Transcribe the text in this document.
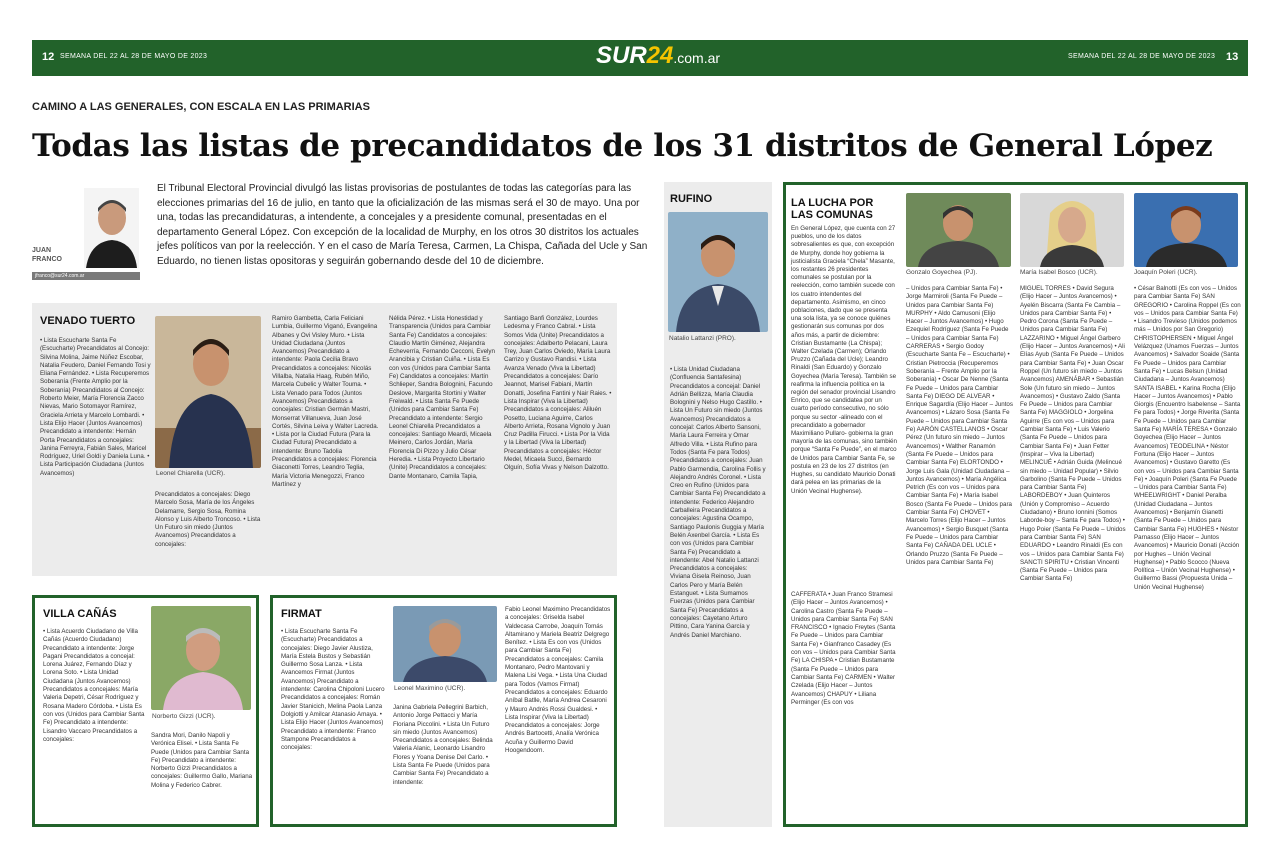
12 SEMANA DEL 22 AL 28 DE MAYO DE 2023	SUR24.com.ar	SEMANA DEL 22 AL 28 DE MAYO DE 2023 13
CAMINO A LAS GENERALES, CON ESCALA EN LAS PRIMARIAS
Todas las listas de precandidatos de los 31 distritos de General López
JUAN
FRANCO
jfranco@sur24.com.ar

El Tribunal Electoral Provincial divulgó las listas provisorias de postulantes de todas las categorías para las elecciones primarias del 16 de julio, en tanto que la oficialización de las mismas será el 30 de mayo. Una por una, todas las precandidaturas, a intendente, a concejales y a presidente comunal, presentadas en el departamento General López. Con excepción de la localidad de Murphy, en los otros 30 distritos los actuales jefes políticos van por la reelección. Y en el caso de María Teresa, Carmen, La Chispa, Cañada del Ucle y San Eduardo, no tienen listas opositoras y seguirán gobernando desde del 10 de diciembre.

VENADO TUERTO
• Lista Escucharte Santa Fe (Escucharte) Precandidatos al Concejo: Silvina Molina, Jaime Núñez Escobar, Natalia Feudero, Daniel Fernando Tosi y Eliana Fernández. • Lista Recuperemos Soberanía (Frente Amplio por la Soberanía) Precandidatos al Concejo: Roberto Meier, María Florencia Zacco Nievas, Mario Sotomayor Ramírez, Graciela Arrieta y Marcelo Lombardi. • Lista Elijo Hacer (Juntos Avancemos) Precandidato a intendente: Hernán Porta Precandidatos a concejales: Janina Ferreyra, Fabián Sales, Maricel Rodríguez, Uriel Goldi y Daniela Luna. • Lista Participación Ciudadana (Juntos Avancemos)	Leonel Chiarella (UCR).
Precandidatos a concejales: Diego Marcelo Sosa, María de los Ángeles Delamarre, Sergio Sosa, Romina Alonso y Luis Alberto Troncoso. • Lista Un Futuro sin miedo (Juntos Avancemos) Precandidatos a concejales:
Ramiro Gambetta, Carla Feliciani Lumbia, Guillermo Viganó, Evangelina Albanes y Ovi Visley Muro. • Lista Unidad Ciudadana (Juntos Avancemos) Precandidato a intendente: Paola Cecilia Bravo Precandidatos a concejales: Nicolás Villalba, Natalia Haag, Rubén Miño, Marcela Cubelic y Walter Touma. • Lista Venado para Todos (Juntos Avancemos) Precandidatos a concejales: Cristian Germán Mastri, Monserrat Villanueva, Juan José Cortés, Silvina Leiva y Walter Lacreda. • Lista por la Ciudad Futura (Para la Ciudad Futura) Precandidato a intendente: Bruno Tadolia Precandidatos a concejales: Florencia Giaconetti Torres, Leandro Teglia, María Victoria Menegozzi, Franco Martínez y
Nélida Pérez. • Lista Honestidad y Transparencia (Unidos para Cambiar Santa Fe) Candidatos a concejales: Claudio Martín Giménez, Alejandra Echeverría, Fernando Cecconi, Evelyn Arancibia y Cristian Cuiña. • Lista Es con vos (Unidos para Cambiar Santa Fe) Candidatos a concejales: Martín Schlieper, Sandra Bolognini, Facundo Deslove, Margarita Stortini y Walter Freiwald. • Lista Santa Fe Puede (Unidos para Cambiar Santa Fe) Precandidato a intendente: Sergio Leonel Chiarella Precandidatos a concejales: Santiago Meardi, Micaela Meinero, Carlos Jordán, María Florencia Di Pizzo y Julio César Heredia. • Lista Proyecto Libertario (Unite) Precandidatos a concejales: Dante Montanaro, Camila Tapia,
Santiago Banfi González, Lourdes Ledesma y Franco Cabral. • Lista Somos Vida (Unite) Precandidatos a concejales: Adalberto Pelacani, Laura Trey, Juan Carlos Oviedo, María Laura Carrizo y Gustavo Randisi. • Lista Avanza Venado (Viva la Libertad) Precandidatos a concejales: Darío Jeannot, Marisel Fabiani, Martín Donatti, Josefina Fantini y Nair Raies. • Lista Inspirar (Viva la Libertad) Precandidatos a concejales: Aliluén Posetto, Luciana Aguirre, Carlos Alberto Arrieta, Rosana Vignolo y Juan Cruz Padilla Firucci. • Lista Por la Vida y la Libertad (Viva la Libertad) Precandidatos a concejales: Héctor Medel, Micaela Succi, Bernardo Olguín, Sofía Vivas y Nelson Dalzotto.
VILLA CAÑÁS
• Lista Acuerdo Ciudadano de Villa Cañás (Acuerdo Ciudadano) Precandidato a intendente: Jorge Pagani Precandidatos a concejal: Lorena Juárez, Fernando Díaz y Lorena Soto. • Lista Unidad Ciudadana (Juntos Avancemos) Precandidatos a concejales: María Valeria Depetri, César Rodríguez y Rosana Madero Córdoba. • Lista Es con vos (Unidos para Cambiar Santa Fe) Precandidato a intendente: Lisandro Vaccaro Precandidatos a concejales:
Norberto Gizzi (UCR).
Sandra Mori, Danilo Napoli y Verónica Elisei. • Lista Santa Fe Puede (Unidos para Cambiar Santa Fe) Precandidato a intendente: Norberto Gizzi Precandidatos a concejales: Guillermo Gallo, Mariana Molina y Federico Cabrer.
FIRMAT
• Lista Escucharte Santa Fe (Escucharte) Precandidatos a concejales: Diego Javier Alustiza, María Estela Bustos y Sebastián Guillermo Sosa Lanza. • Lista Avancemos Firmat (Juntos Avancemos) Precandidato a intendente: Carolina Chipoloni Lucero Precandidatos a concejales: Román Javier Stanicich, Melina Paola Lanza Dolgiotti y Amilcar Atanasio Amaya. • Lista Elijo Hacer (Juntos Avancemos) Precandidato a intendente: Franco Stampone Precandidatos a concejales:
Leonel Maximino (UCR).
Janina Gabriela Pellegrini Barbich, Antonio Jorge Pettacci y María Floriana Piccolini. • Lista Un Futuro sin miedo (Juntos Avancemos) Precandidatos a concejales: Belinda Valeria Alanic, Leonardo Lisandro Flores y Yoana Denise Del Carlo. • Lista Santa Fe Puede (Unidos para Cambiar Santa Fe) Precandidato a intendente:
Fabio Leonel Maximino Precandidatos a concejales: Griselda Isabel Valdecasa Carrobe, Joaquín Tomás Altamirano y Mariela Beatriz Delgrego Benítez. • Lista Es con vos (Unidos para Cambiar Santa Fe) Precandidatos a concejales: Camila Montanaro, Pedro Mantovani y Malena Lisi Vega. • Lista Una Ciudad para Todos (Vamos Firmat) Precandidatos a concejales: Eduardo Aníbal Batlle, María Andrea Cesaroni y Mauro Andrés Rossi Gualdesi. • Lista Inspirar (Viva la Libertad) Precandidatos a concejales: Jorge Andrés Bartocetti, Analía Verónica Acuña y Guillermo David Hoogendoorn.
RUFINO
Natalio Lattanzi (PRO).
• Lista Unidad Ciudadana (Confluencia Santafesina) Precandidatos a concejal: Daniel Adrián Bellizza, María Claudia Bolognini y Nelso Hugo Castillo. • Lista Un Futuro sin miedo (Juntos Avancemos) Precandidatos a concejal: Carlos Alberto Sansoni, María Laura Ferreira y Omar Alfredo Villa. • Lista Rufino para Todos (Santa Fe para Todos) Precandidatos a concejales: Juan Pablo Garmendia, Carolina Follis y Alejandro Andrés Coronel. • Lista Creo en Rufino (Unidos para Cambiar Santa Fe) Precandidato a intendente: Federico Alejandro Carballeira Precandidatos a concejales: Agustina Ocampo, Santiago Paulonis Guggia y María Belén Axenbel García. • Lista Es con vos (Unidos para Cambiar Santa Fe) Precandidato a intendente: Abel Natalio Lattanzi Precandidatos a concejales: Viviana Gisela Reinoso, Juan Carlos Pero y María Belén Estanguet. • Lista Sumamos Fuerzas (Unidos para Cambiar Santa Fe) Precandidatos a concejales: Cayetano Arturo Pittino, Cara Yanina García y Andrés Daniel Marchiano.
LA LUCHA POR
LAS COMUNAS
En General López, que cuenta con 27 pueblos, uno de los datos sobresalientes es que, con excepción de Murphy, donde hoy gobierna la justicialista Graciela “Chela” Masante, los restantes 26 presidentes comunales se postulan por la reelección, como también sucede con los cuatro intendentes del departamento. Asimismo, en cinco poblaciones, dado que se presenta una sola lista, ya se conoce quiénes gestionarán sus comunas por dos años más, a partir de diciembre: Cristian Bustamante (La Chispa); Walter Czelada (Carmen); Orlando Pruzzo (Cañada del Ucle); Leandro Rinaldi (San Eduardo) y Gonzalo Goyechea (María Teresa). También se reafirma la influencia política en la región del senador provincial Lisandro Enrico, que se candidatea por un cuarto período consecutivo, no sólo porque su sector -alineado con el precandidato a gobernador Maximiliano Pullaro- gobierna la gran mayoría de las comunas, sino también porque “Santa Fe Puede”, en el marco de Unidos para Cambiar Santa Fe, se postula en 23 de los 27 distritos (en Hughes, su candidato Mauricio Donati dará pelea en las primarias de la Unión Vecinal Hughense).
Gonzalo Goyechea (PJ).	María Isabel Bosco (UCR).	Joaquín Poleri (UCR).
CAFFERATA • Juan Franco Stramesi (Elijo Hacer – Juntos Avancemos) • Carolina Castro (Santa Fe Puede – Unidos para Cambiar Santa Fe) SAN FRANCISCO • Ignacio Freytes (Santa Fe Puede – Unidos para Cambiar Santa Fe) • Gianfranco Casadey (Es con vos – Unidos para Cambiar Santa Fe) LA CHISPA • Cristian Bustamante (Santa Fe Puede – Unidos para Cambiar Santa Fe) CARMEN • Walter Czelada (Elijo Hacer – Juntos Avancemos) CHAPUY • Liliana Perminger (Es con vos
– Unidos para Cambiar Santa Fe) • Jorge Marmiroli (Santa Fe Puede – Unidos para Cambiar Santa Fe) MURPHY • Aldo Camusoni (Elijo Hacer – Juntos Avancemos) • Hugo Ezequiel Rodríguez (Santa Fe Puede – Unidos para Cambiar Santa Fe) CARRERAS • Sergio Godoy (Escucharte Santa Fe – Escucharte) • Cristian Pietroccia (Recuperemos Soberanía – Frente Amplio por la Soberanía) • Oscar De Nenne (Santa Fe Puede – Unidos para Cambiar Santa Fe) DIEGO DE ALVEAR • Enrique Sagardía (Elijo Hacer – Juntos Avancemos) • Lázaro Sosa (Santa Fe Puede – Unidos para Cambiar Santa Fe) AARÓN CASTELLANOS • Oscar Pérez (Un futuro sin miedo – Juntos Avancemos) • Walther Ranamón (Santa Fe Puede – Unidos para Cambiar Santa Fe) ELORTONDO • Jorge Luis Gala (Unidad Ciudadana – Juntos Avancemos) • María Angélica Petrich (Es con vos – Unidos para Cambiar Santa Fe) • María Isabel Bosco (Santa Fe Puede – Unidos para Cambiar Santa Fe) CHOVET • Marcelo Torres (Elijo Hacer – Juntos Avancemos) • Sergio Busquet (Santa Fe Puede – Unidos para Cambiar Santa Fe) CAÑADA DEL UCLE • Orlando Pruzzo (Santa Fe Puede – Unidos para Cambiar Santa Fe)
MIGUEL TORRES • David Segura (Elijo Hacer – Juntos Avancemos) • Ayelén Biscarra (Santa Fe Cambia – Unidos para Cambiar Santa Fe) • Pedro Corona (Santa Fe Puede – Unidos para Cambiar Santa Fe) LAZZARINO • Miguel Ángel Garbero (Elijo Hacer – Juntos Avancemos) • Ali Elías Ayub (Santa Fe Puede – Unidos para Cambiar Santa Fe) • Juan Oscar Roppel (Un futuro sin miedo – Juntos Avancemos) AMENÁBAR • Sebastián Sole (Un futuro sin miedo – Juntos Avancemos) • Gustavo Zaldo (Santa Fe Puede – Unidos para Cambiar Santa Fe) MAGGIOLO • Jorgelina Aguirre (Es con vos – Unidos para Cambiar Santa Fe) • Luis Valerio (Santa Fe Puede – Unidos para Cambiar Santa Fe) • Juan Fetter (Inspirar – Viva la Libertad) MELINCUÉ • Adrián Guida (Melincué sin miedo – Unidad Popular) • Silvio Garbolino (Santa Fe Puede – Unidos para Cambiar Santa Fe) LABORDEBOY • Juan Quinteros (Unión y Compromiso – Acuerdo Ciudadano) • Bruno Ionnini (Somos Laborde-boy – Santa Fe para Todos) • Hugo Poier (Santa Fe Puede – Unidos para Cambiar Santa Fe) SAN EDUARDO • Leandro Rinaldi (Es con vos – Unidos para Cambiar Santa Fe) SANCTI SPIRITU • Cristian Vincenti (Santa Fe Puede – Unidos para Cambiar Santa Fe)
• César Balnotti (Es con vos – Unidos para Cambiar Santa Fe) SAN GREGORIO • Carolina Roppel (Es con vos – Unidos para Cambiar Santa Fe) • Lisandro Trevieso (Unidos podemos más – Unidos por San Gregorio) CHRISTOPHERSEN • Miguel Ángel Velázquez (Unamos Fuerzas – Juntos Avancemos) • Salvador Soaide (Santa Fe Puede – Unidos para Cambiar Santa Fe) • Lucas Belsun (Unidad Ciudadana – Juntos Avancemos) SANTA ISABEL • Karina Rocha (Elijo Hacer – Juntos Avancemos) • Pablo Giorgis (Encuentro Isabelense – Santa Fe para Todos) • Jorge Riverita (Santa Fe Puede – Unidos para Cambiar Santa Fe) MARÍA TERESA • Gonzalo Goyechea (Elijo Hacer – Juntos Avancemos) TEODELINA • Néstor Fortuna (Elijo Hacer – Juntos Avancemos) • Gustavo Garetto (Es con vos – Unidos para Cambiar Santa Fe) • Joaquín Poleri (Santa Fe Puede – Unidos para Cambiar Santa Fe) WHEELWRIGHT • Daniel Peralba (Unidad Ciudadana – Juntos Avancemos) • Benjamín Gianetti (Santa Fe Puede – Unidos para Cambiar Santa Fe) HUGHES • Néstor Parnasso (Elijo Hacer – Juntos Avancemos) • Mauricio Donati (Acción por Hughes – Unión Vecinal Hughense) • Pablo Scocco (Nueva Política – Unión Vecinal Hughense) • Guillermo Bassi (Propuesta Unida – Unión Vecinal Hughense)
